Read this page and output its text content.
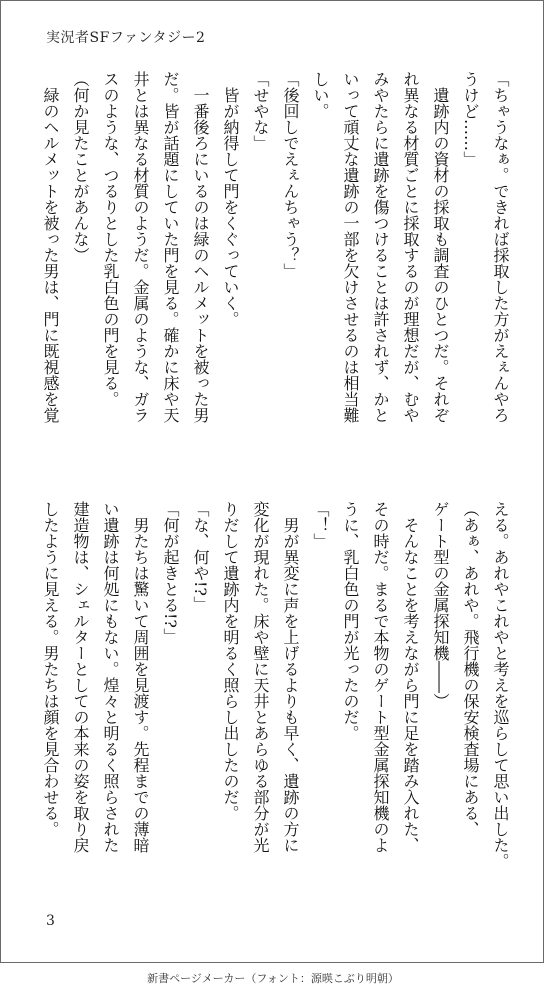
実況者SFファンタジー2

「ちゃうなぁ。できれば採取した方がえぇんやろ

うけど……」

　遺跡内の資材の採取も調査のひとつだ。それぞ

れ異なる材質ごとに採取するのが理想だが、むや

みやたらに遺跡を傷つけることは許されず、かと

いって頑丈な遺跡の一部を欠けさせるのは相当難

しい。

「後回しでえぇんちゃう？」

「せやな」

　皆が納得して門をくぐっていく。

　一番後ろにいるのは緑のヘルメットを被った男

だ。皆が話題にしていた門を見る。確かに床や天

井とは異なる材質のようだ。金属のような、ガラ

スのような、つるりとした乳白色の門を見る。

（何か見たことがあんな）

　緑のヘルメットを被った男は、門に既視感を覚

える。あれやこれやと考えを巡らして思い出した。

（あぁ、あれや。飛行機の保安検査場にある、

ゲート型の金属探知機――）

　そんなことを考えながら門に足を踏み入れた、

その時だ。まるで本物のゲート型金属探知機のよ

うに、乳白色の門が光ったのだ。

「！」

　男が異変に声を上げるよりも早く、遺跡の方に

変化が現れた。床や壁に天井とあらゆる部分が光

りだして遺跡内を明るく照らし出したのだ。

「な、何や!?」

「何が起きとる!?」

　男たちは驚いて周囲を見渡す。先程までの薄暗

い遺跡は何処にもない。煌々と明るく照らされた

建造物は、シェルターとしての本来の姿を取り戻

したように見える。男たちは顔を見合わせる。

3
新書ページメーカー（フォント：源暎こぶり明朝）
